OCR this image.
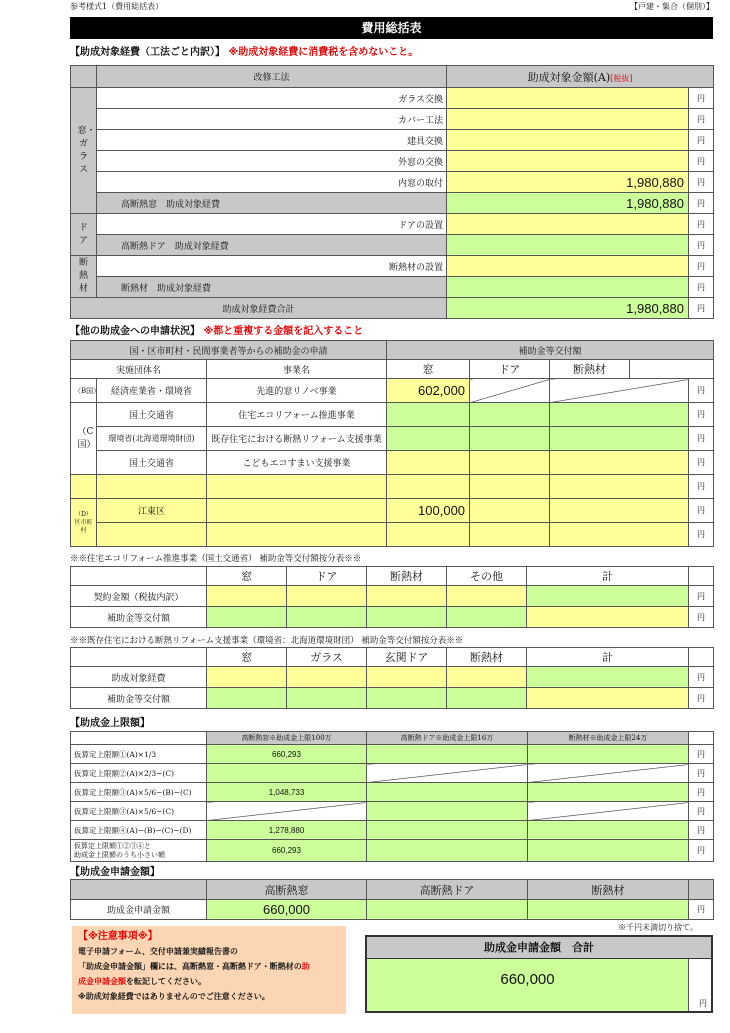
参考様式1（費用総括表）	【戸建・集合（個別）】
費用総括表
【助成対象経費（工法ごと内訳）】 ※助成対象経費に消費税を含めないこと。
	改修工法	助成対象金額(A)[税抜]	

窓・ガラス	ガラス交換		円
	カバー工法		円
	建具交換		円
	外窓の交換		円
	内窓の取付	1,980,880	円
	高断熱窓　助成対象経費	1,980,880	円

ドア	ドアの設置		円
	高断熱ドア　助成対象経費		円

断熱材	断熱材の設置		円
	断熱材　助成対象経費		円
助成対象経費合計		1,980,880	円
【他の助成金への申請状況】 ※都と重複する金額を記入すること
国・区市町村・民間事業者等からの補助金の申請			補助金等交付額				
実施団体名		事業名	窓	ドア	断熱材		
（B国）	経済産業省・環境省	先進的窓リノベ事業	602,000				円

（C国）	国土交通省	住宅エコリフォーム推進事業					円
	環境省(北海道環境財団)	既存住宅における断熱リフォーム支援事業					円
	国土交通省	こどもエコすまい支援事業					円
							円
（D）
区市町村	江東区		100,000				円
							円
※※住宅エコリフォーム推進事業（国土交通省） 補助金等交付額按分表※※
	窓	ドア	断熱材	その他	計	
契約金額（税抜内訳）						円
補助金等交付額						円
※※既存住宅における断熱リフォーム支援事業（環境省：北海道環境財団） 補助金等交付額按分表※※
	窓	ガラス	玄関ドア	断熱材	計	
助成対象経費						円
補助金等交付額						円
【助成金上限額】
	高断熱窓※助成金上限100万	高断熱ドア※助成金上限16万	断熱材※助成金上限24万	
仮算定上限額①(A)×1/3	660,293			円
仮算定上限額②(A)×2/3−(C)				円
仮算定上限額③(A)×5/6−(B)−(C)	1,048,733			円
仮算定上限額③(A)×5/6−(C)				円
仮算定上限額④(A)−(B)−(C)−(D)	1,278,880			円
仮算定上限額①②③④と
助成金上限額のうち小さい額	660,293			円
【助成金申請金額】
	高断熱窓	高断熱ドア	断熱材	
助成金申請金額	660,000			円
※千円未満切り捨て。
【※注意事項※】
電子申請フォーム、交付申請兼実績報告書の
「助成金申請金額」欄には、高断熱窓・高断熱ドア・断熱材の助
成金申請金額を転記してください。
※助成対象経費ではありませんのでご注意ください。
助成金申請金額　合計
660,000
円
